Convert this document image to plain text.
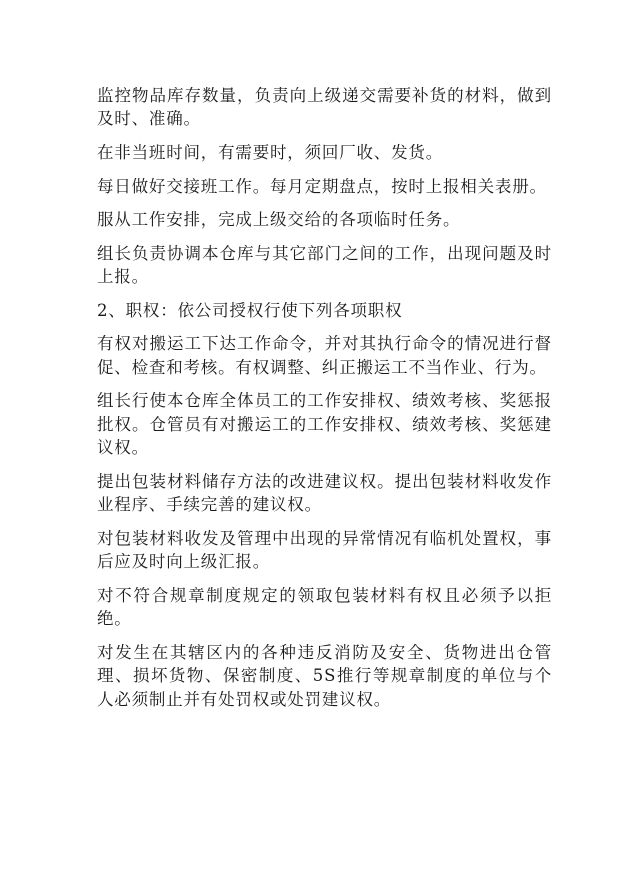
监控物品库存数量，负责向上级递交需要补货的材料，做到及时、准确。

在非当班时间，有需要时，须回厂收、发货。

每日做好交接班工作。每月定期盘点，按时上报相关表册。

服从工作安排，完成上级交给的各项临时任务。

组长负责协调本仓库与其它部门之间的工作，出现问题及时上报。

2、职权：依公司授权行使下列各项职权

有权对搬运工下达工作命令，并对其执行命令的情况进行督促、检查和考核。有权调整、纠正搬运工不当作业、行为。

组长行使本仓库全体员工的工作安排权、绩效考核、奖惩报批权。仓管员有对搬运工的工作安排权、绩效考核、奖惩建议权。

提出包装材料储存方法的改进建议权。提出包装材料收发作业程序、手续完善的建议权。

对包装材料收发及管理中出现的异常情况有临机处置权，事后应及时向上级汇报。

对不符合规章制度规定的领取包装材料有权且必须予以拒绝。

对发生在其辖区内的各种违反消防及安全、货物进出仓管理、损坏货物、保密制度、5S推行等规章制度的单位与个人必须制止并有处罚权或处罚建议权。
